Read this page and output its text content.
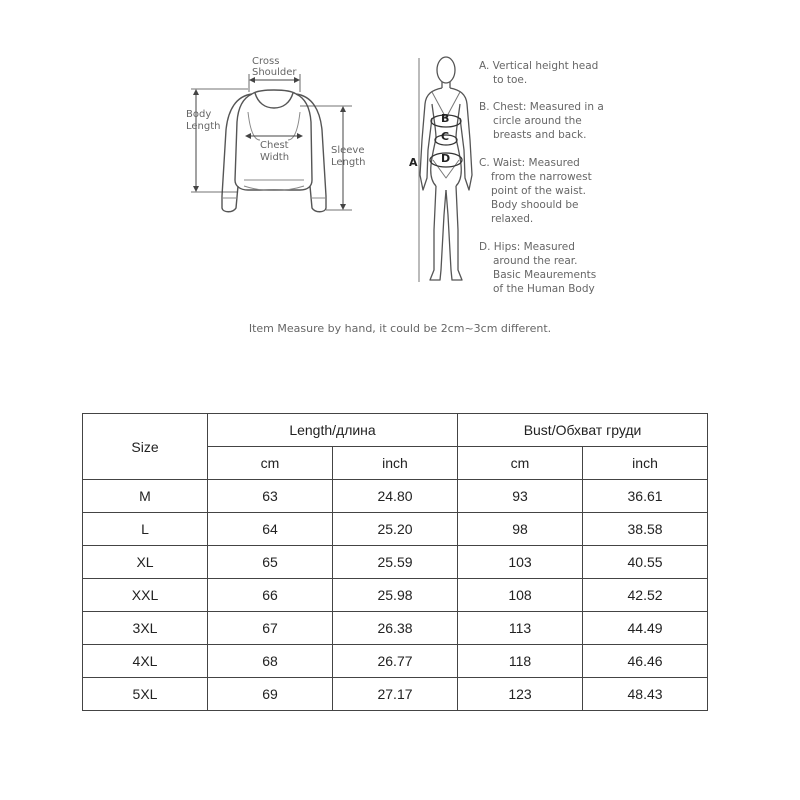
Cross
Shoulder
Body
Length
Chest
Width
Sleeve
Length	A
B
C
D
A. Vertical height head
to toe.
B. Chest: Measured in a
circle around the
breasts and back.
C. Waist: Measured
from the narrowest
point of the waist.
Body shoould be
relaxed.
D. Hips: Measured
around the rear.
Basic Meaurements
of the Human Body
Item Measure by hand, it could be 2cm~3cm different.
Size	Length/длина		Bust/Обхват груди	
	cm	inch	cm	inch
M	63	24.80	93	36.61
L	64	25.20	98	38.58
XL	65	25.59	103	40.55
XXL	66	25.98	108	42.52
3XL	67	26.38	113	44.49
4XL	68	26.77	118	46.46
5XL	69	27.17	123	48.43
